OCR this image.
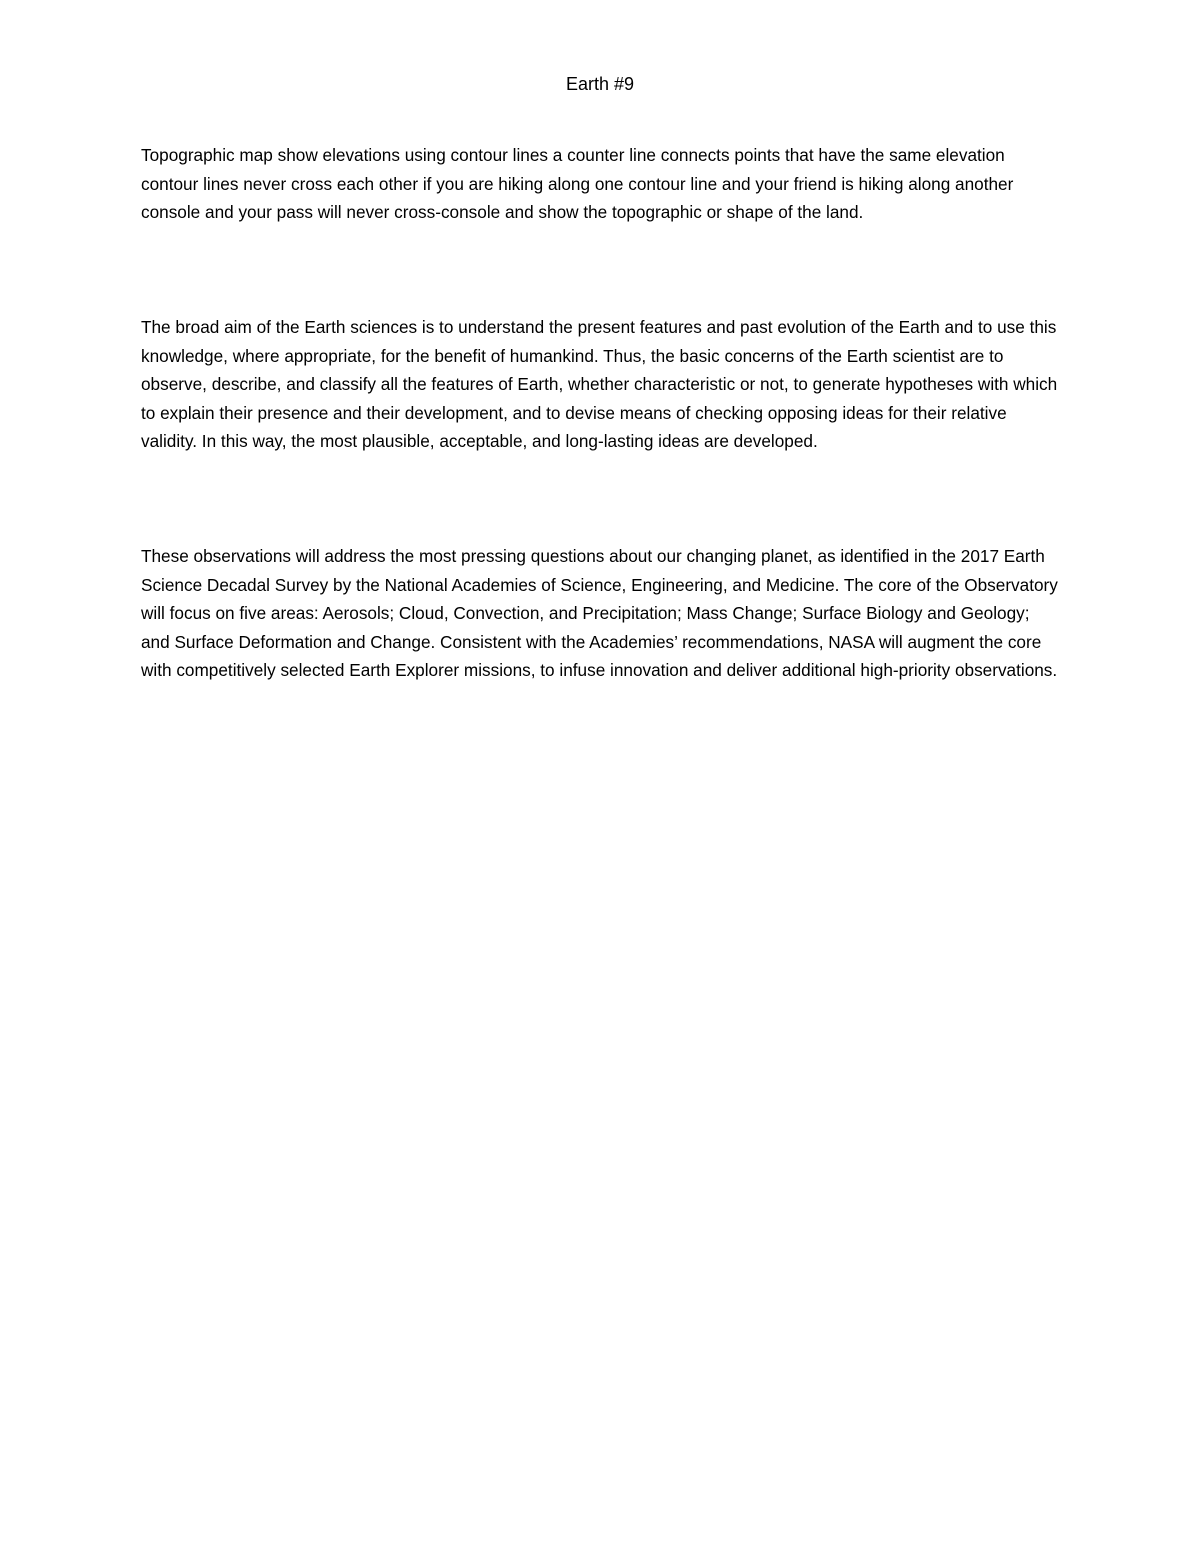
Earth #9

Topographic map show elevations using contour lines a counter line connects points that have the same elevation contour lines never cross each other if you are hiking along one contour line and your friend is hiking along another console and your pass will never cross-console and show the topographic or shape of the land.

The broad aim of the Earth sciences is to understand the present features and past evolution of the Earth and to use this knowledge, where appropriate, for the benefit of humankind. Thus, the basic concerns of the Earth scientist are to observe, describe, and classify all the features of Earth, whether characteristic or not, to generate hypotheses with which to explain their presence and their development, and to devise means of checking opposing ideas for their relative validity. In this way, the most plausible, acceptable, and long-lasting ideas are developed.

These observations will address the most pressing questions about our changing planet, as identified in the 2017 Earth Science Decadal Survey by the National Academies of Science, Engineering, and Medicine. The core of the Observatory will focus on five areas: Aerosols; Cloud, Convection, and Precipitation; Mass Change; Surface Biology and Geology; and Surface Deformation and Change. Consistent with the Academies’ recommendations, NASA will augment the core with competitively selected Earth Explorer missions, to infuse innovation and deliver additional high-priority observations.
